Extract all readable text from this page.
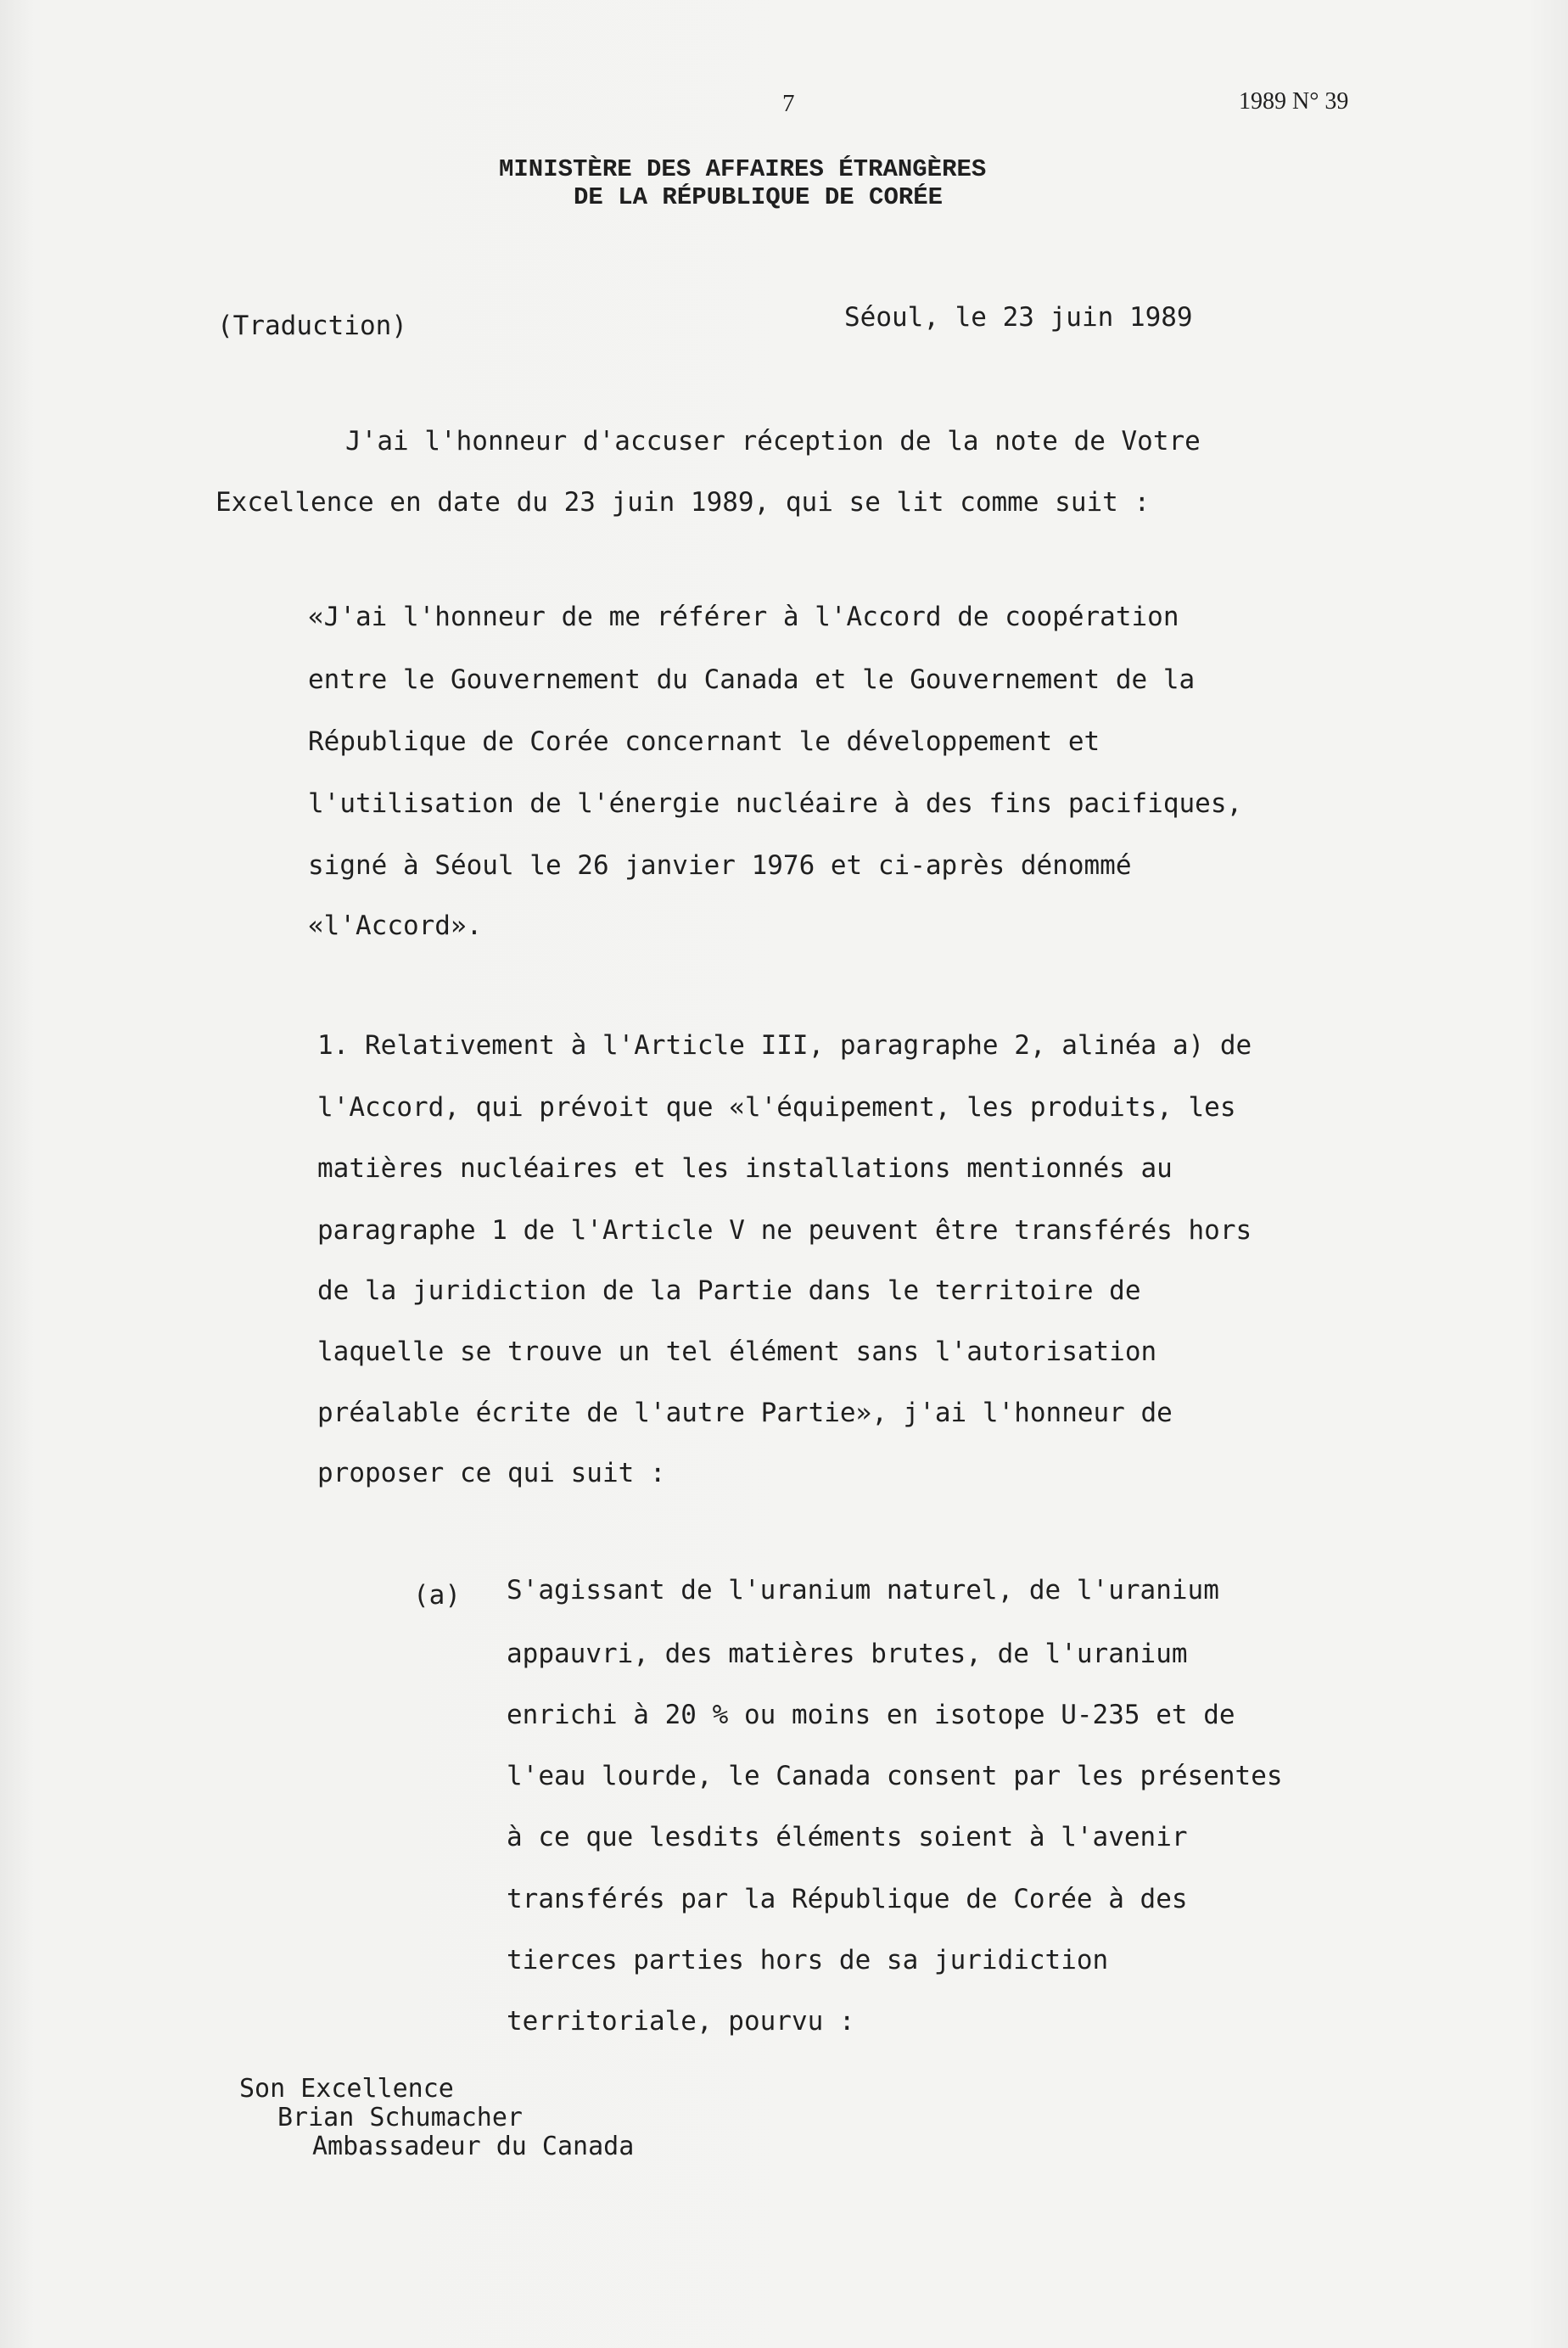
7	1989 N° 39
MINISTÈRE DES AFFAIRES ÉTRANGÈRES
DE LA RÉPUBLIQUE DE CORÉE
(Traduction)	Séoul, le 23 juin 1989
J'ai l'honneur d'accuser réception de la note de Votre
Excellence en date du 23 juin 1989, qui se lit comme suit :
«J'ai l'honneur de me référer à l'Accord de coopération
entre le Gouvernement du Canada et le Gouvernement de la
République de Corée concernant le développement et
l'utilisation de l'énergie nucléaire à des fins pacifiques,
signé à Séoul le 26 janvier 1976 et ci-après dénommé
«l'Accord».
1. Relativement à l'Article III, paragraphe 2, alinéa a) de
l'Accord, qui prévoit que «l'équipement, les produits, les
matières nucléaires et les installations mentionnés au
paragraphe 1 de l'Article V ne peuvent être transférés hors
de la juridiction de la Partie dans le territoire de
laquelle se trouve un tel élément sans l'autorisation
préalable écrite de l'autre Partie», j'ai l'honneur de
proposer ce qui suit :
(a) S'agissant de l'uranium naturel, de l'uranium
appauvri, des matières brutes, de l'uranium
enrichi à 20 % ou moins en isotope U-235 et de
l'eau lourde, le Canada consent par les présentes
à ce que lesdits éléments soient à l'avenir
transférés par la République de Corée à des
tierces parties hors de sa juridiction
territoriale, pourvu :
Son Excellence
Brian Schumacher
Ambassadeur du Canada
